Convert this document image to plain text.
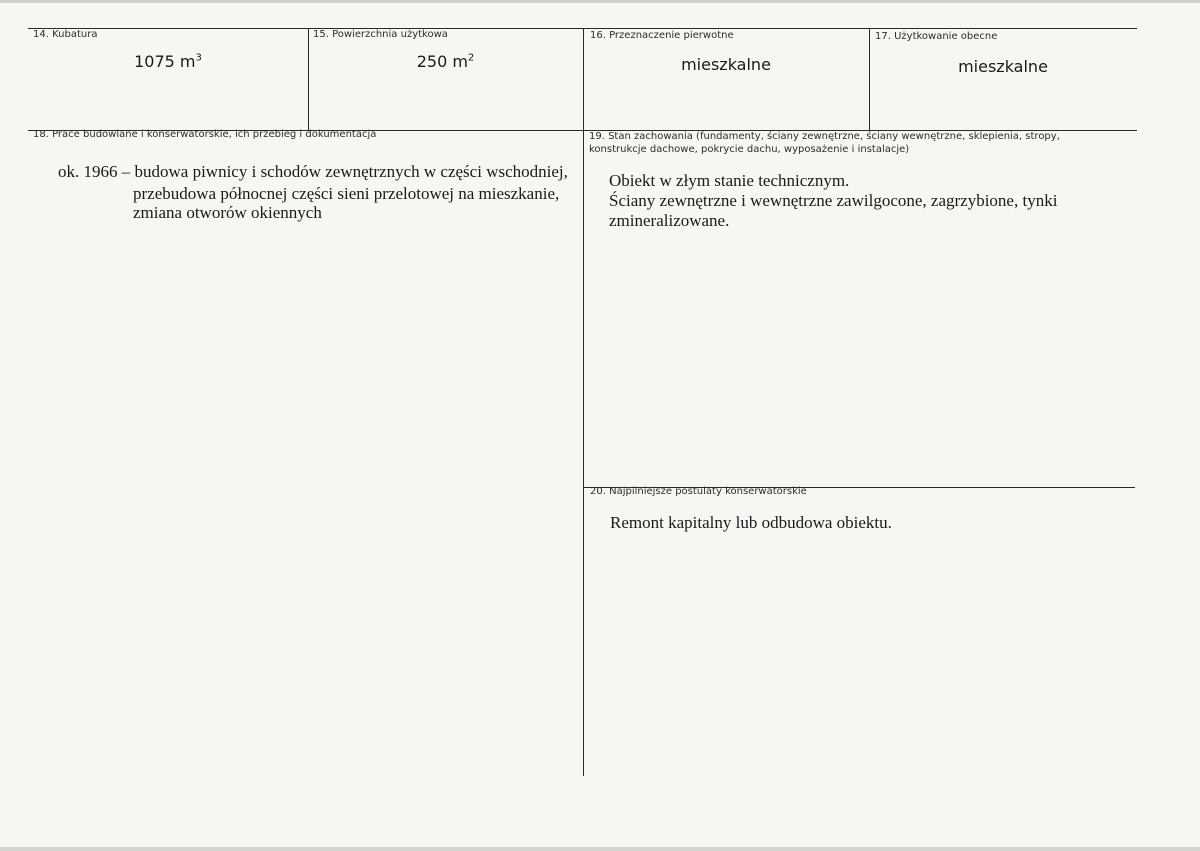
14. Kubatura
1075 $m^3$
15. Powierzchnia użytkowa
250 $m^2$
16. Przeznaczenie pierwotne
mieszkalne
17. Użytkowanie obecne
mieszkalne
18. Prace budowlane i konserwatorskie, ich przebieg i dokumentacja
ok. 1966 – budowa piwnicy i schodów zewnętrznych w części wschodniej,
przebudowa północnej części sieni przelotowej na mieszkanie,
zmiana otworów okiennych
19. Stan zachowania (fundamenty, ściany zewnętrzne, ściany wewnętrzne, sklepienia, stropy,
konstrukcje dachowe, pokrycie dachu, wyposażenie i instalacje)
Obiekt w złym stanie technicznym.
Ściany zewnętrzne i wewnętrzne zawilgocone, zagrzybione, tynki
zmineralizowane.
20. Najpilniejsze postulaty konserwatorskie
Remont kapitalny lub odbudowa obiektu.
